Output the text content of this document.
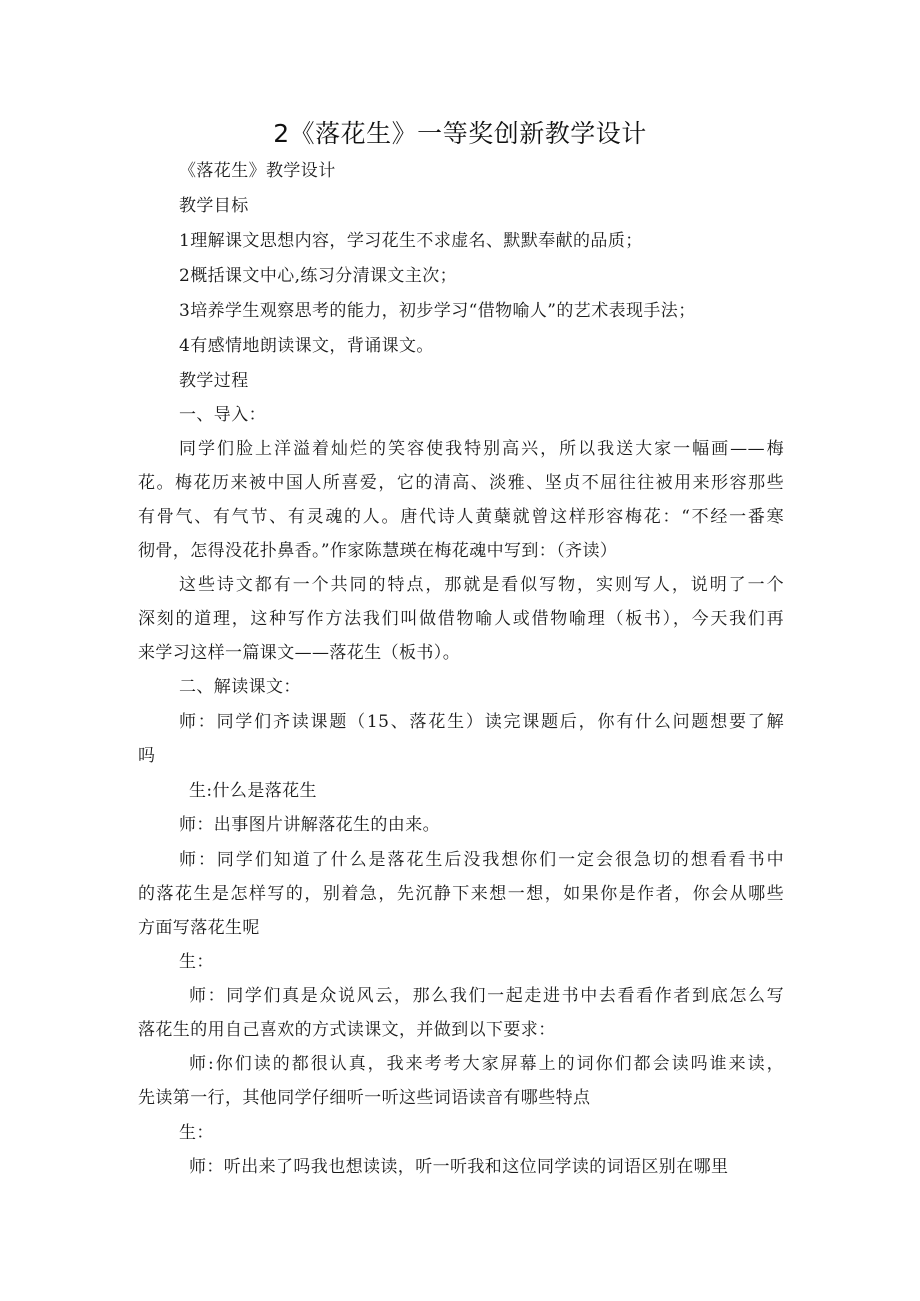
2《落花生》一等奖创新教学设计
《落花生》教学设计
教学目标
1理解课文思想内容，学习花生不求虚名、默默奉献的品质；
2概括课文中心,练习分清课文主次；
3培养学生观察思考的能力，初步学习“借物喻人”的艺术表现手法；
4有感情地朗读课文，背诵课文。
教学过程
一、导入：
同学们脸上洋溢着灿烂的笑容使我特别高兴，所以我送大家一幅画——梅
花。梅花历来被中国人所喜爱，它的清高、淡雅、坚贞不屈往往被用来形容那些
有骨气、有气节、有灵魂的人。唐代诗人黄蘖就曾这样形容梅花：“不经一番寒
彻骨，怎得没花扑鼻香。”作家陈慧瑛在梅花魂中写到：（齐读）
这些诗文都有一个共同的特点，那就是看似写物，实则写人，说明了一个
深刻的道理，这种写作方法我们叫做借物喻人或借物喻理（板书），今天我们再
来学习这样一篇课文——落花生（板书）。
二、解读课文：
师：同学们齐读课题（15、落花生）读完课题后，你有什么问题想要了解
吗
生:什么是落花生
师：出事图片讲解落花生的由来。
师：同学们知道了什么是落花生后没我想你们一定会很急切的想看看书中
的落花生是怎样写的，别着急，先沉静下来想一想，如果你是作者，你会从哪些
方面写落花生呢
生：
师：同学们真是众说风云，那么我们一起走进书中去看看作者到底怎么写
落花生的用自己喜欢的方式读课文，并做到以下要求：
师:你们读的都很认真，我来考考大家屏幕上的词你们都会读吗谁来读，
先读第一行，其他同学仔细听一听这些词语读音有哪些特点
生：
师：听出来了吗我也想读读，听一听我和这位同学读的词语区别在哪里
